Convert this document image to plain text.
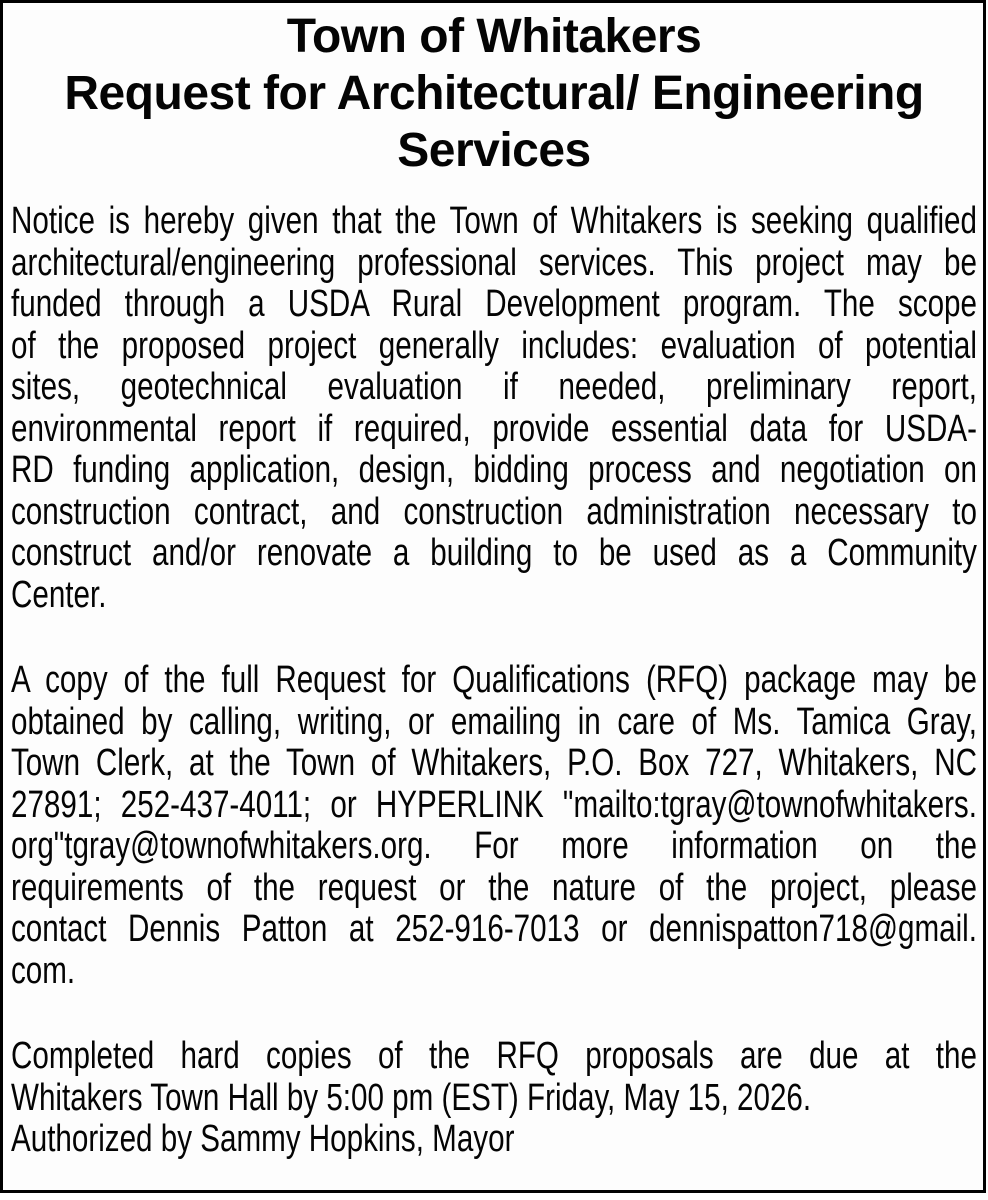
Town of Whitakers
Request for Architectural/ Engineering Services
Notice is hereby given that the Town of Whitakers is seeking qualified
architectural/engineering professional services. This project may be
funded through a USDA Rural Development program. The scope
of the proposed project generally includes: evaluation of potential
sites, geotechnical evaluation if needed, preliminary report,
environmental report if required, provide essential data for USDA-
RD funding application, design, bidding process and negotiation on
construction contract, and construction administration necessary to
construct and/or renovate a building to be used as a Community
Center.
A copy of the full Request for Qualifications (RFQ) package may be
obtained by calling, writing, or emailing in care of Ms. Tamica Gray,
Town Clerk, at the Town of Whitakers, P.O. Box 727, Whitakers, NC
27891; 252-437-4011; or HYPERLINK "mailto:tgray@townofwhitakers.
org"tgray@townofwhitakers.org. For more information on the
requirements of the request or the nature of the project, please
contact Dennis Patton at 252-916-7013 or dennispatton718@gmail.
com.
Completed hard copies of the RFQ proposals are due at the
Whitakers Town Hall by 5:00 pm (EST) Friday, May 15, 2026.
Authorized by Sammy Hopkins, Mayor
